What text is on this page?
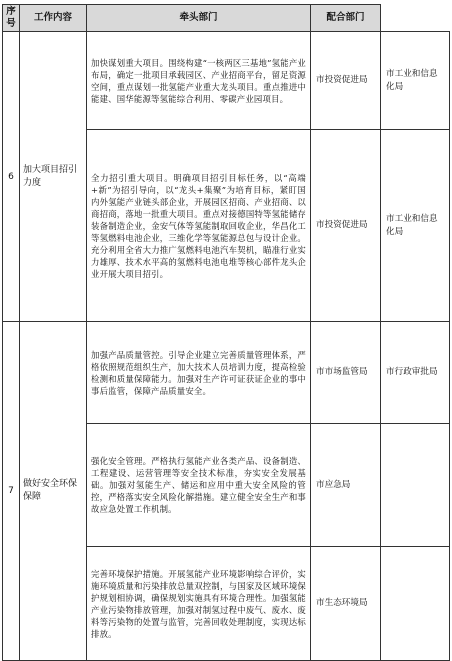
序号	工作内容	牵头部门	配合部门	
6	加大项目招引力度	加快谋划重大项目。围绕构建“一核两区三基地”氢能产业布局，确定一批项目承载园区、产业招商平台，留足资源空间，重点谋划一批氢能产业重大龙头项目。重点推进中能建、国华能源等氢能综合利用、零碳产业园项目。	市投资促进局	市工业和信息化局
		全力招引重大项目。明确项目招引目标任务，以“高端+新”为招引导向，以“龙头+集聚”为培育目标，紧盯国内外氢能产业链头部企业，开展园区招商、产业招商、以商招商，落地一批重大项目。重点对接德国特等氢能储存装备制造企业，金安气体等氢能制取回收企业，华昌化工等氢燃料电池企业，三维化学等氢能源总包与设计企业。充分利用全省大力推广氢燃料电池汽车契机，瞄准行业实力雄厚、技术水平高的氢燃料电池电堆等核心部件龙头企业开展大项目招引。	市投资促进局	市工业和信息化局
7	做好安全环保保障	加强产品质量管控。引导企业建立完善质量管理体系，严格依照规范组织生产，加大技术人员培训力度，提高检验检测和质量保障能力。加强对生产许可证获证企业的事中事后监管，保障产品质量安全。	市市场监管局	市行政审批局
		强化安全管理。严格执行氢能产业各类产品、设备制造、工程建设、运营管理等安全技术标准，夯实安全发展基础。加强对氢能生产、储运和应用中重大安全风险的管控，严格落实安全风险化解措施。建立健全安全生产和事故应急处置工作机制。	市应急局	
		完善环境保护措施。开展氢能产业环境影响综合评价，实施环境质量和污染排放总量双控制，与国家及区域环境保护规划相协调，确保规划实施具有环境合理性。加强氢能产业污染物排放管理，加强对制氢过程中废气、废水、废料等污染物的处置与监管，完善回收处理制度，实现达标排放。	市生态环境局	
